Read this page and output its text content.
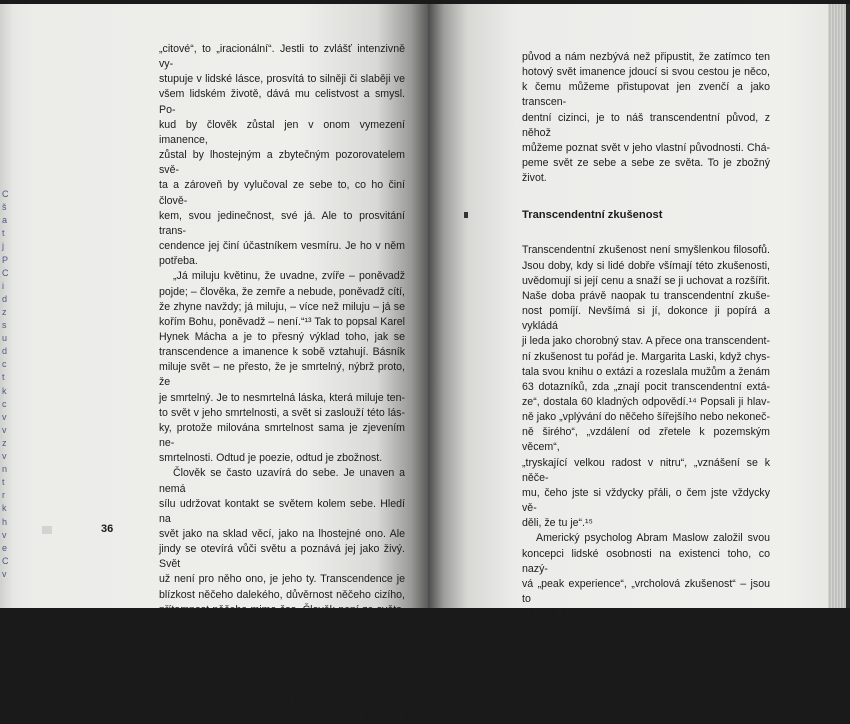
C
š
a
t
j
P
C
i
d
z
s
u
d
c
t
k
c
v
v
z
v
n
t
r
k
h
v
e
C
v

„citové“, to „iracionální“. Jestli to zvlášť intenzivně vy-
stupuje v lidské lásce, prosvítá to silněji či slaběji ve
všem lidském životě, dává mu celistvost a smysl. Po-
kud by člověk zůstal jen v onom vymezení imanence,
zůstal by lhostejným a zbytečným pozorovatelem svě-
ta a zároveň by vylučoval ze sebe to, co ho činí člově-
kem, svou jedinečnost, své já. Ale to prosvitání trans-
cendence jej činí účastníkem vesmíru. Je ho v něm
potřeba.

„Já miluju květinu, že uvadne, zvíře – poněvadž
pojde; – člověka, že zemře a nebude, poněvadž cítí,
že zhyne navždy; já miluju, – více než miluju – já se
kořím Bohu, poněvadž – není.“¹³ Tak to popsal Karel
Hynek Mácha a je to přesný výklad toho, jak se
transcendence a imanence k sobě vztahují. Básník
miluje svět – ne přesto, že je smrtelný, nýbrž proto, že
je smrtelný. Je to nesmrtelná láska, která miluje ten-
to svět v jeho smrtelnosti, a svět si zaslouží této lás-
ky, protože milována smrtelnost sama je zjevením ne-
smrtelnosti. Odtud je poezie, odtud je zbožnost.

Člověk se často uzavírá do sebe. Je unaven a nemá
sílu udržovat kontakt se světem kolem sebe. Hledí na
svět jako na sklad věcí, jako na lhostejné ono. Ale
jindy se otevírá vůči světu a poznává jej jako živý. Svět
už není pro něho ono, je jeho ty. Transcendence je
blízkost něčeho dalekého, důvěrnost něčeho cizího,
přítomnost něčeho mimo čas. Člověk není ze světa,
ale shledává se s ním, když se obrátí svou subjektivi-
tou k jeho subjektivitě. Ani svět přírody nestačíme po-
chopit jako mechanismus, jako pouhý řetěz příčin
a následků, pouhou determinovanost. Také svět ve
své nekonečné proměnlivosti a rozmanitosti má svůj

36
původ a nám nezbývá než připustit, že zatímco ten
hotový svět imanence jdoucí si svou cestou je něco,
k čemu můžeme přistupovat jen zvenčí a jako transcen-
dentní cizinci, je to náš transcendentní původ, z něhož
můžeme poznat svět v jeho vlastní původnosti. Chá-
peme svět ze sebe a sebe ze světa. To je zbožný život.

Transcendentní zkušenost

Transcendentní zkušenost není smyšlenkou filosofů.
Jsou doby, kdy si lidé dobře všímají této zkušenosti,
uvědomují si její cenu a snaží se ji uchovat a rozšířit.
Naše doba právě naopak tu transcendentní zkuše-
nost pomíjí. Nevšímá si jí, dokonce ji popírá a vykládá
ji leda jako chorobný stav. A přece ona transcendent-
ní zkušenost tu pořád je. Margarita Laski, když chys-
tala svou knihu o extázi a rozeslala mužům a ženám
63 dotazníků, zda „znají pocit transcendentní extá-
ze“, dostala 60 kladných odpovědí.¹⁴ Popsali ji hlav-
ně jako „vplývání do něčeho šířejšího nebo nekoneč-
ně širého“, „vzdálení od zřetele k pozemským věcem“,
„tryskající velkou radost v nitru“, „vznášení se k něče-
mu, čeho jste si vždycky přáli, o čem jste vždycky vě-
děli, že tu je“.¹⁵

Americký psycholog Abram Maslow založil svou
koncepci lidské osobnosti na existenci toho, co nazý-
vá „peak experience“, „vrcholová zkušenost“ – jsou to
chvíle, kdy člověk se cítí najednou nejplnějí sebou
a nejvíce ve shodě s existujícím světem, chvíle „zbožné
úcty, intenzivního štěstí, úchvatu, požehnání, extáze“.¹⁶
Lidé dnes o tom neradi mluví, a přece je to zkušenost
